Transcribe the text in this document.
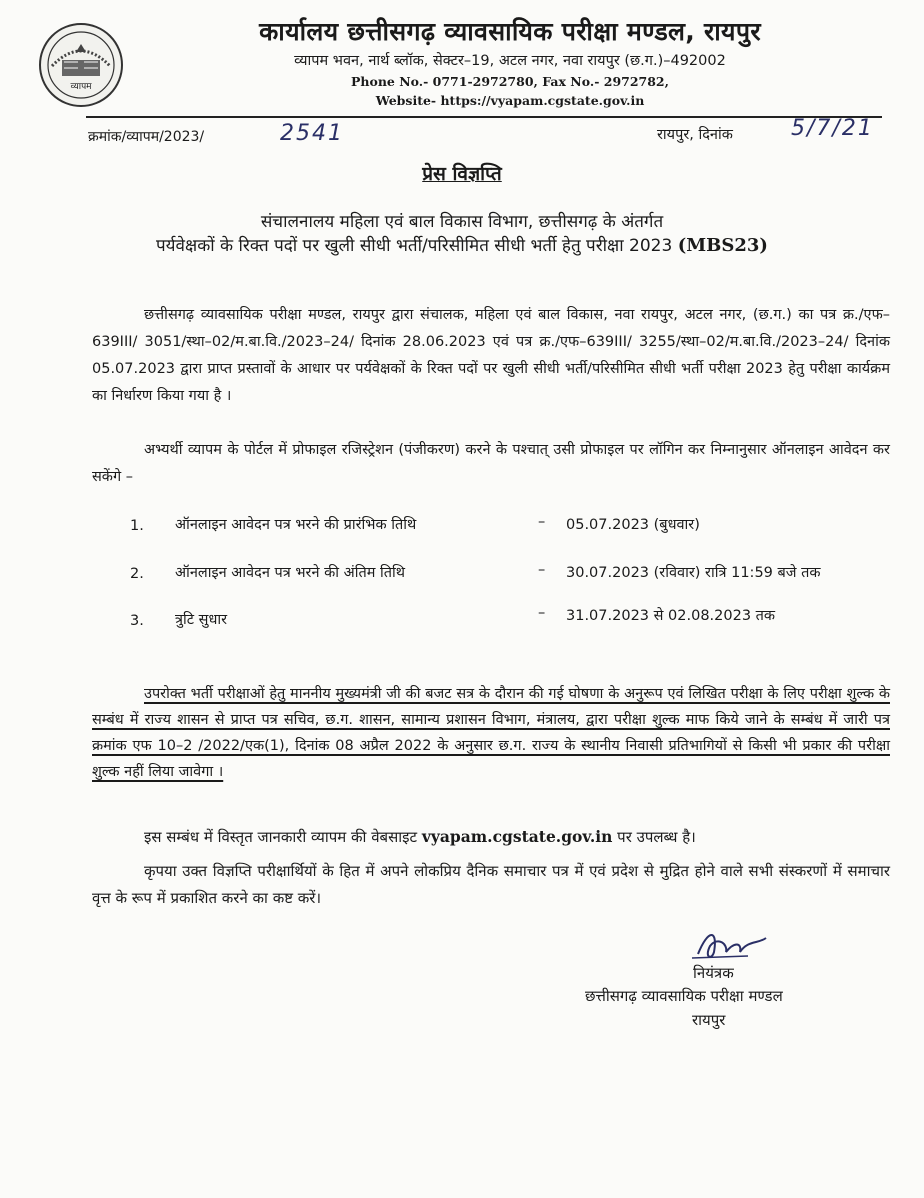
व्यापम
कार्यालय छत्तीसगढ़ व्यावसायिक परीक्षा मण्डल, रायपुर
व्यापम भवन, नार्थ ब्लॉक, सेक्टर–19, अटल नगर, नवा रायपुर (छ.ग.)–492002
Phone No.- 0771-2972780, Fax No.- 2972782,
Website- https://vyapam.cgstate.gov.in
क्रमांक/व्यापम/2023/	2541	रायपुर, दिनांक	5/7/21
प्रेस विज्ञप्ति
संचालनालय महिला एवं बाल विकास विभाग, छत्तीसगढ़ के अंतर्गत
पर्यवेक्षकों के रिक्त पदों पर खुली सीधी भर्ती/परिसीमित सीधी भर्ती हेतु परीक्षा 2023 (MBS23)

छत्तीसगढ़ व्यावसायिक परीक्षा मण्डल, रायपुर द्वारा संचालक, महिला एवं बाल विकास, नवा रायपुर, अटल नगर, (छ.ग.) का पत्र क्र./एफ–639III/ 3051/स्था–02/म.बा.वि./2023–24/ दिनांक 28.06.2023 एवं पत्र क्र./एफ–639III/ 3255/स्था–02/म.बा.वि./2023–24/ दिनांक 05.07.2023 द्वारा प्राप्त प्रस्तावों के आधार पर पर्यवेक्षकों के रिक्त पदों पर खुली सीधी भर्ती/परिसीमित सीधी भर्ती परीक्षा 2023 हेतु परीक्षा कार्यक्रम का निर्धारण किया गया है ।

अभ्यर्थी व्यापम के पोर्टल में प्रोफाइल रजिस्ट्रेशन (पंजीकरण) करने के पश्चात् उसी प्रोफाइल पर लॉगिन कर निम्नानुसार ऑनलाइन आवेदन कर सकेंगे –

1. ऑनलाइन आवेदन पत्र भरने की प्रारंभिक तिथि	– 05.07.2023 (बुधवार)
2. ऑनलाइन आवेदन पत्र भरने की अंतिम तिथि	– 30.07.2023 (रविवार) रात्रि 11:59 बजे तक
3. त्रुटि सुधार	– 31.07.2023 से 02.08.2023 तक

उपरोक्त भर्ती परीक्षाओं हेतु माननीय मुख्यमंत्री जी की बजट सत्र के दौरान की गई घोषणा के अनुरूप एवं लिखित परीक्षा के लिए परीक्षा शुल्क के सम्बंध में राज्य शासन से प्राप्त पत्र सचिव, छ.ग. शासन, सामान्य प्रशासन विभाग, मंत्रालय, द्वारा परीक्षा शुल्क माफ किये जाने के सम्बंध में जारी पत्र क्रमांक एफ 10–2 /2022/एक(1), दिनांक 08 अप्रैल 2022 के अनुसार छ.ग. राज्य के स्थानीय निवासी प्रतिभागियों से किसी भी प्रकार की परीक्षा शुल्क नहीं लिया जावेगा ।

इस सम्बंध में विस्तृत जानकारी व्यापम की वेबसाइट vyapam.cgstate.gov.in पर उपलब्ध है।

कृपया उक्त विज्ञप्ति परीक्षार्थियों के हित में अपने लोकप्रिय दैनिक समाचार पत्र में एवं प्रदेश से मुद्रित होने वाले सभी संस्करणों में समाचार वृत्त के रूप में प्रकाशित करने का कष्ट करें।

नियंत्रक
छत्तीसगढ़ व्यावसायिक परीक्षा मण्डल
रायपुर
